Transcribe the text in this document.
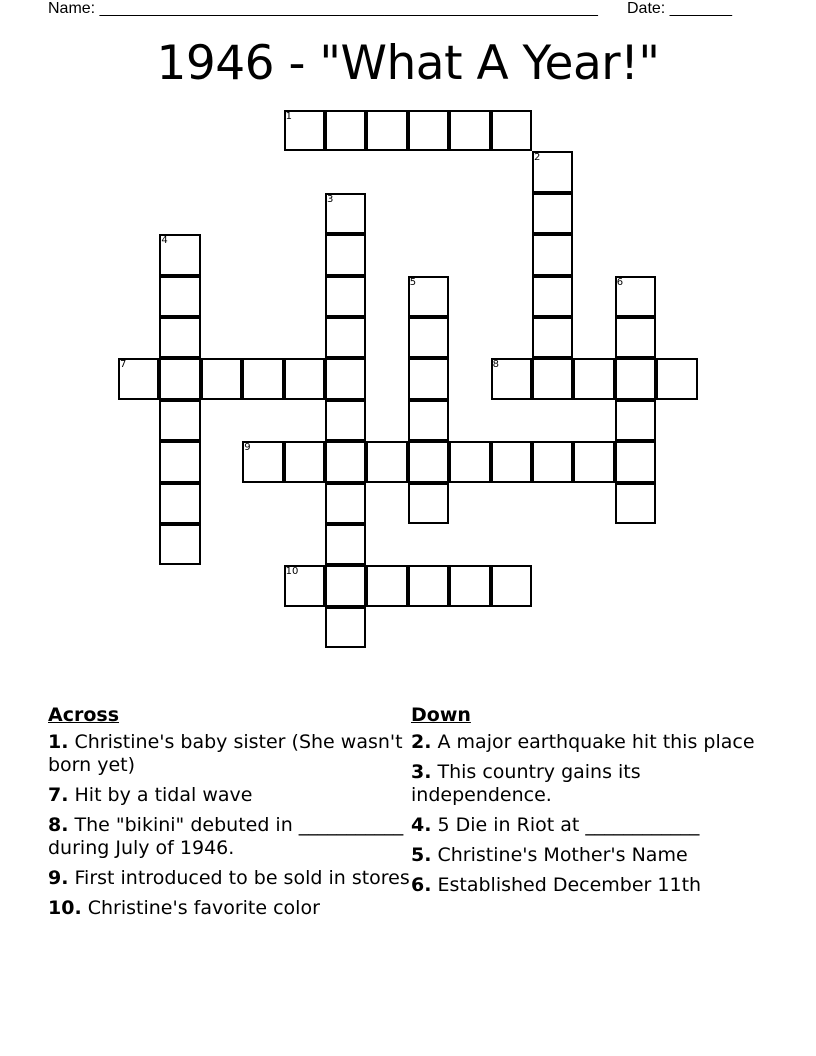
Name: ________________________________________________________ Date: _______
1946 - "What A Year!"
1
2
3
4
5	6
7	8
9
10
Across
1. Christine's baby sister (She wasn't born yet)
7. Hit by a tidal wave
8. The "bikini" debuted in ___________ during July of 1946.
9. First introduced to be sold in stores
10. Christine's favorite color
Down
2. A major earthquake hit this place
3. This country gains its independence.
4. 5 Die in Riot at ____________
5. Christine's Mother's Name
6. Established December 11th
